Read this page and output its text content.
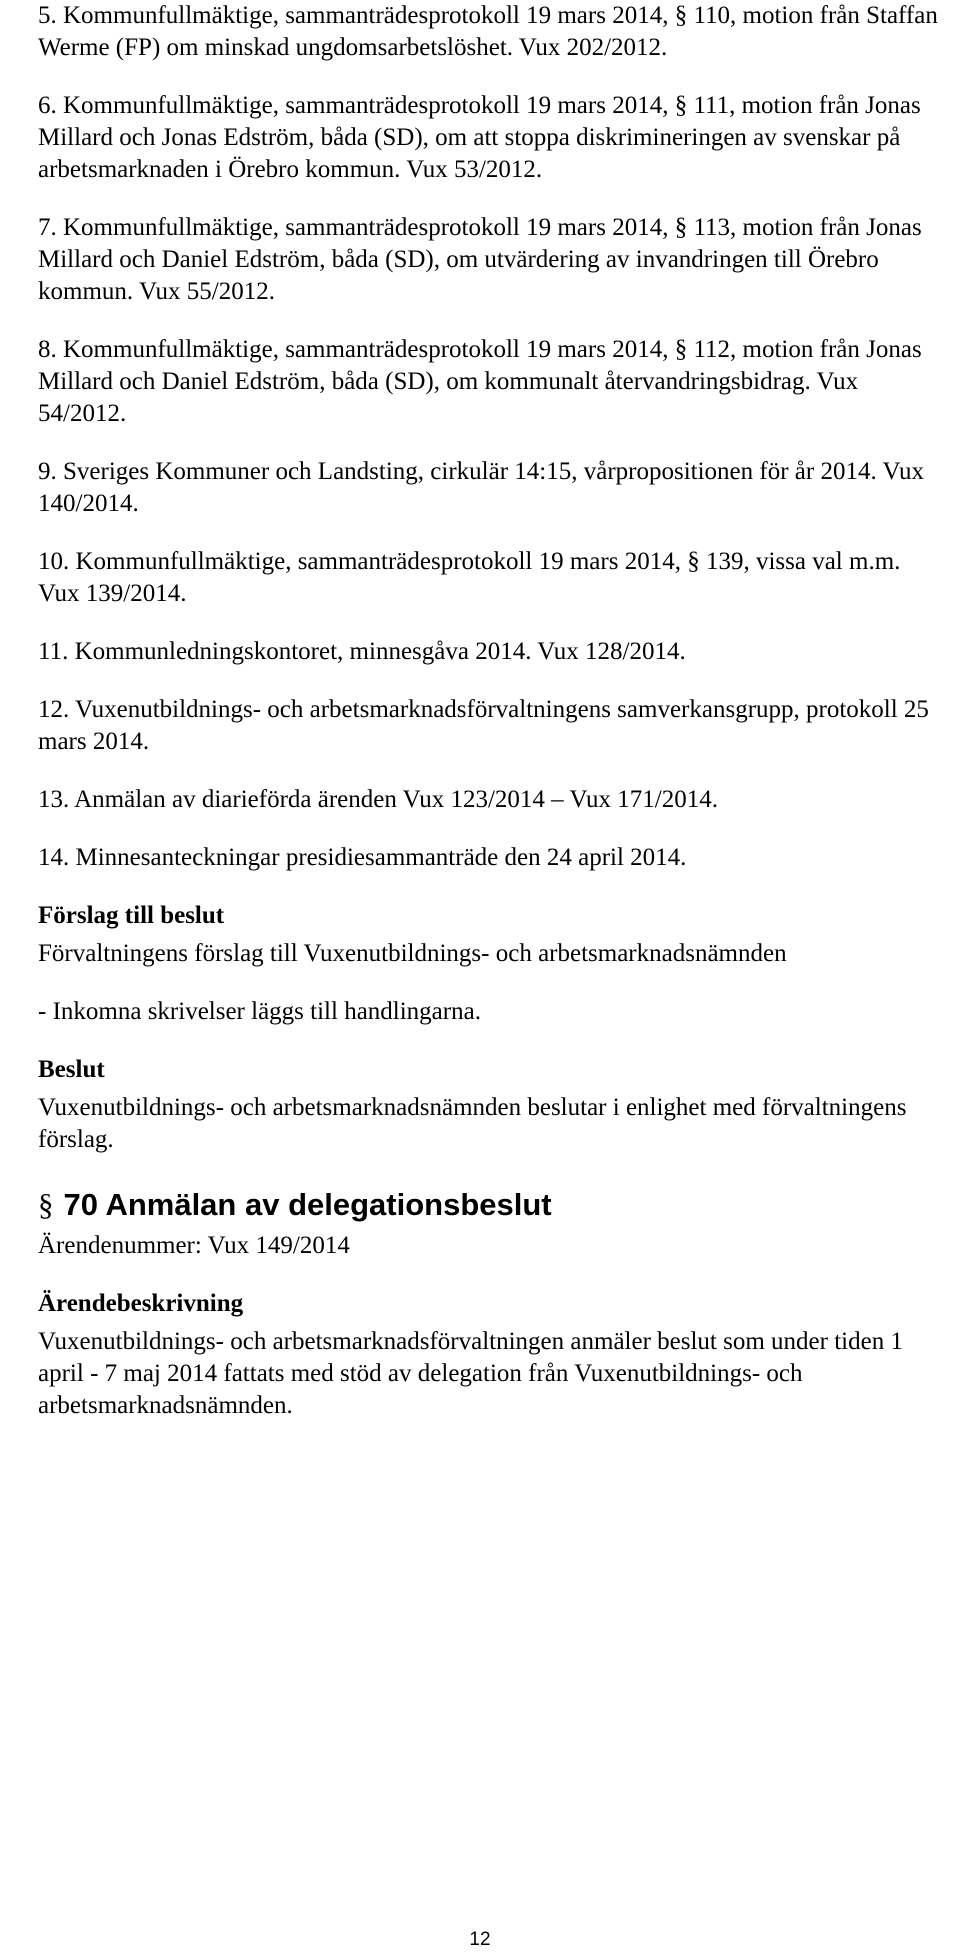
5. Kommunfullmäktige, sammanträdesprotokoll 19 mars 2014, § 110, motion från Staffan Werme (FP) om minskad ungdomsarbetslöshet. Vux 202/2012.

6. Kommunfullmäktige, sammanträdesprotokoll 19 mars 2014, § 111, motion från Jonas Millard och Jonas Edström, båda (SD), om att stoppa diskrimineringen av svenskar på arbetsmarknaden i Örebro kommun. Vux 53/2012.

7. Kommunfullmäktige, sammanträdesprotokoll 19 mars 2014, § 113, motion från Jonas Millard och Daniel Edström, båda (SD), om utvärdering av invandringen till Örebro kommun. Vux 55/2012.

8. Kommunfullmäktige, sammanträdesprotokoll 19 mars 2014, § 112, motion från Jonas Millard och Daniel Edström, båda (SD), om kommunalt återvandringsbidrag. Vux 54/2012.

9. Sveriges Kommuner och Landsting, cirkulär 14:15, vårpropositionen för år 2014. Vux 140/2014.

10. Kommunfullmäktige, sammanträdesprotokoll 19 mars 2014, § 139, vissa val m.m. Vux 139/2014.

11. Kommunledningskontoret, minnesgåva 2014. Vux 128/2014.

12. Vuxenutbildnings- och arbetsmarknadsförvaltningens samverkansgrupp, protokoll 25 mars 2014.

13. Anmälan av diarieförda ärenden Vux 123/2014 – Vux 171/2014.

14. Minnesanteckningar presidiesammanträde den 24 april 2014.

Förslag till beslut

Förvaltningens förslag till Vuxenutbildnings- och arbetsmarknadsnämnden

- Inkomna skrivelser läggs till handlingarna.

Beslut

Vuxenutbildnings- och arbetsmarknadsnämnden beslutar i enlighet med förvaltningens förslag.

§ 70 Anmälan av delegationsbeslut

Ärendenummer: Vux 149/2014

Ärendebeskrivning

Vuxenutbildnings- och arbetsmarknadsförvaltningen anmäler beslut som under tiden 1 april - 7 maj 2014 fattats med stöd av delegation från Vuxenutbildnings- och arbetsmarknadsnämnden.

12
